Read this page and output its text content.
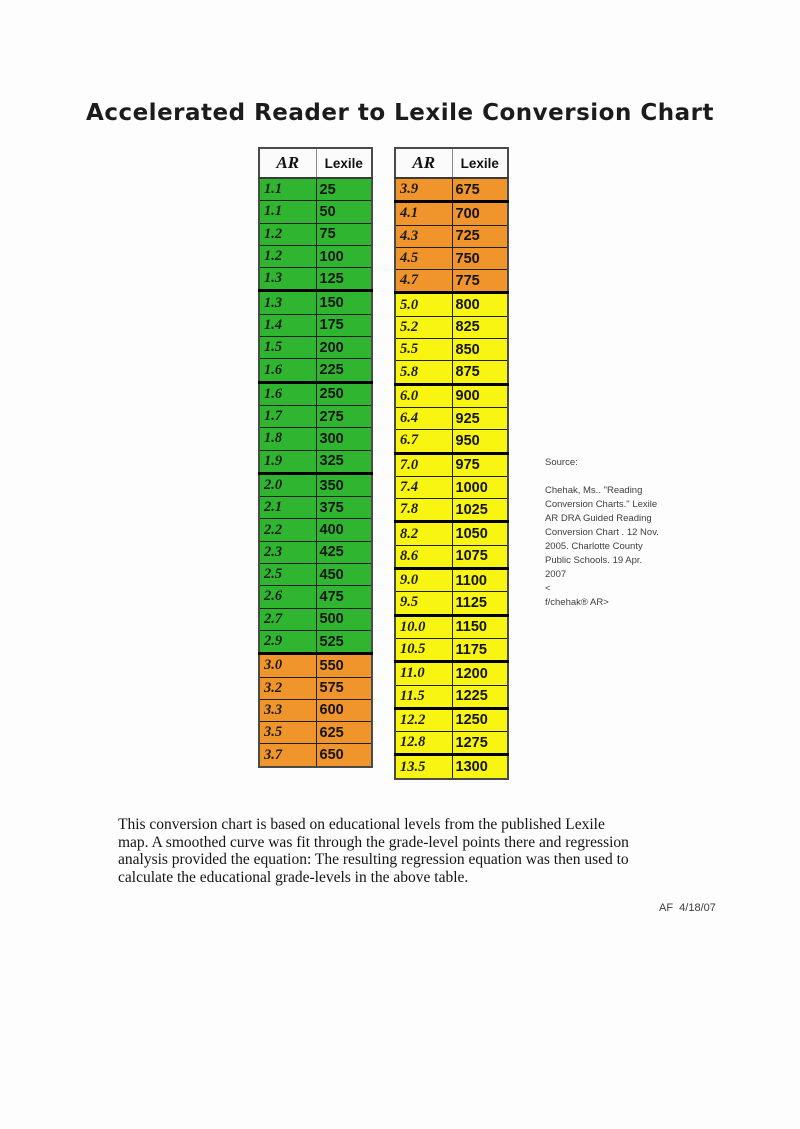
Accelerated Reader to Lexile Conversion Chart
AR	Lexile
1.1	25
1.1	50
1.2	75
1.2	100
1.3	125
1.3	150
1.4	175
1.5	200
1.6	225
1.6	250
1.7	275
1.8	300
1.9	325
2.0	350
2.1	375
2.2	400
2.3	425
2.5	450
2.6	475
2.7	500
2.9	525
3.0	550
3.2	575
3.3	600
3.5	625
3.7	650
AR	Lexile
3.9	675
4.1	700
4.3	725
4.5	750
4.7	775
5.0	800
5.2	825
5.5	850
5.8	875
6.0	900
6.4	925
6.7	950
7.0	975
7.4	1000
7.8	1025
8.2	1050
8.6	1075
9.0	1100
9.5	1125
10.0	1150
10.5	1175
11.0	1200
11.5	1225
12.2	1250
12.8	1275
13.5	1300
Source:
Chehak, Ms.. "Reading
Conversion Charts." Lexile
AR DRA Guided Reading
Conversion Chart . 12 Nov.
2005. Charlotte County
Public Schools. 19 Apr.
2007
<
f/chehak® AR>
This conversion chart is based on educational levels from the published Lexile
map. A smoothed curve was fit through the grade-level points there and regression
analysis provided the equation: The resulting regression equation was then used to
calculate the educational grade-levels in the above table.
AF  4/18/07
